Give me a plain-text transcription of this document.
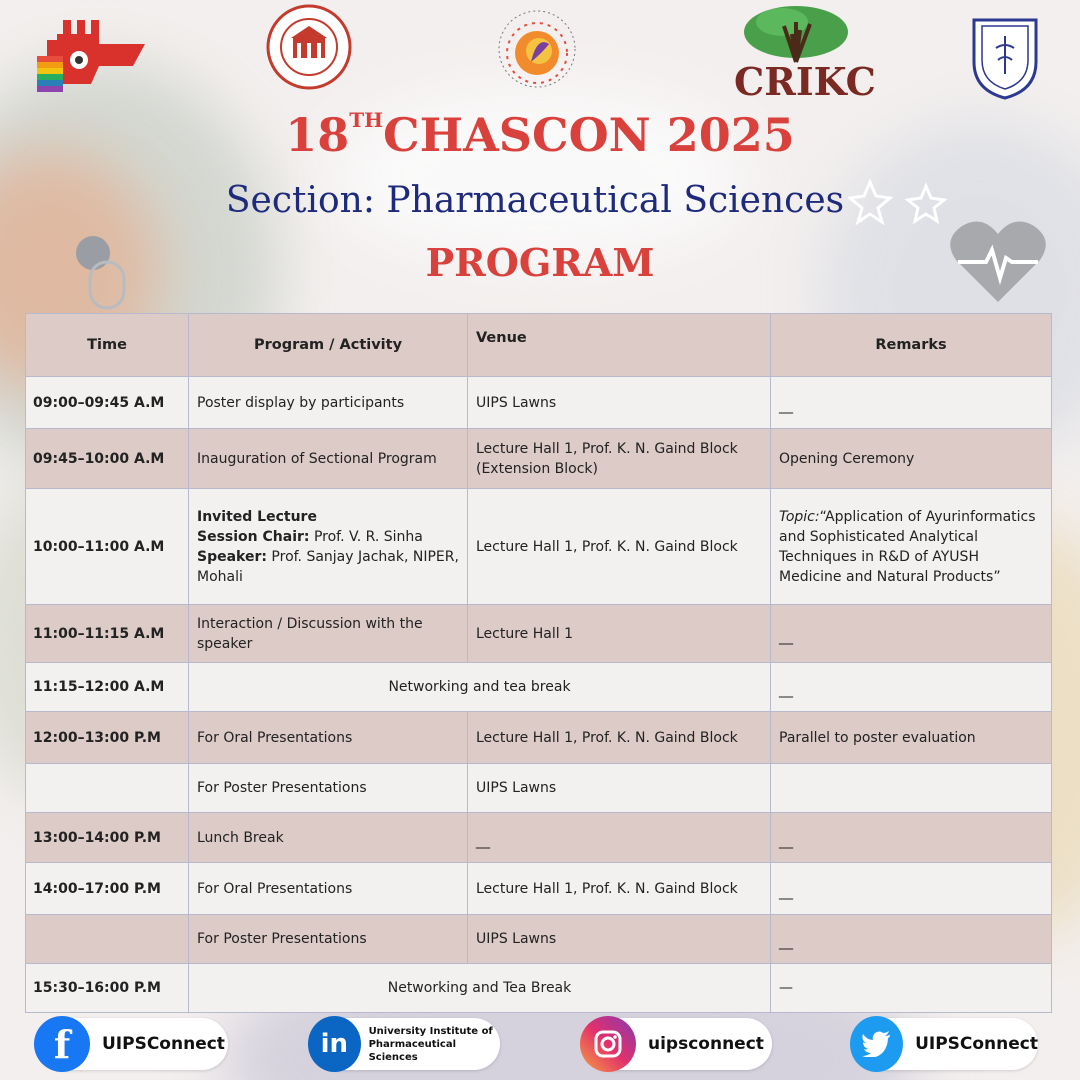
CRIKC
18THCHASCON 2025
Section: Pharmaceutical Sciences
PROGRAM
Time	Program / Activity	Venue	Remarks
09:00–09:45 A.M	Poster display by participants	UIPS Lawns	__
09:45–10:00 A.M	Inauguration of Sectional Program	Lecture Hall 1, Prof. K. N. Gaind Block (Extension Block)	Opening Ceremony
10:00–11:00 A.M	Invited Lecture
Session Chair: Prof. V. R. Sinha
Speaker: Prof. Sanjay Jachak, NIPER, Mohali	Lecture Hall 1, Prof. K. N. Gaind Block	Topic:“Application of Ayurinformatics and Sophisticated Analytical Techniques in R&D of AYUSH Medicine and Natural Products”
11:00–11:15 A.M	Interaction / Discussion with the speaker	Lecture Hall 1	__
11:15–12:00 A.M	Networking and tea break		__
12:00–13:00 P.M	For Oral Presentations	Lecture Hall 1, Prof. K. N. Gaind Block	Parallel to poster evaluation
	For Poster Presentations	UIPS Lawns	
13:00–14:00 P.M	Lunch Break	__	__
14:00–17:00 P.M	For Oral Presentations	Lecture Hall 1, Prof. K. N. Gaind Block	__
	For Poster Presentations	UIPS Lawns	__
15:30–16:00 P.M	Networking and Tea Break		—
f	UIPSConnect	in	University Institute of
Pharmaceutical Sciences
uipsconnect	UIPSConnect
